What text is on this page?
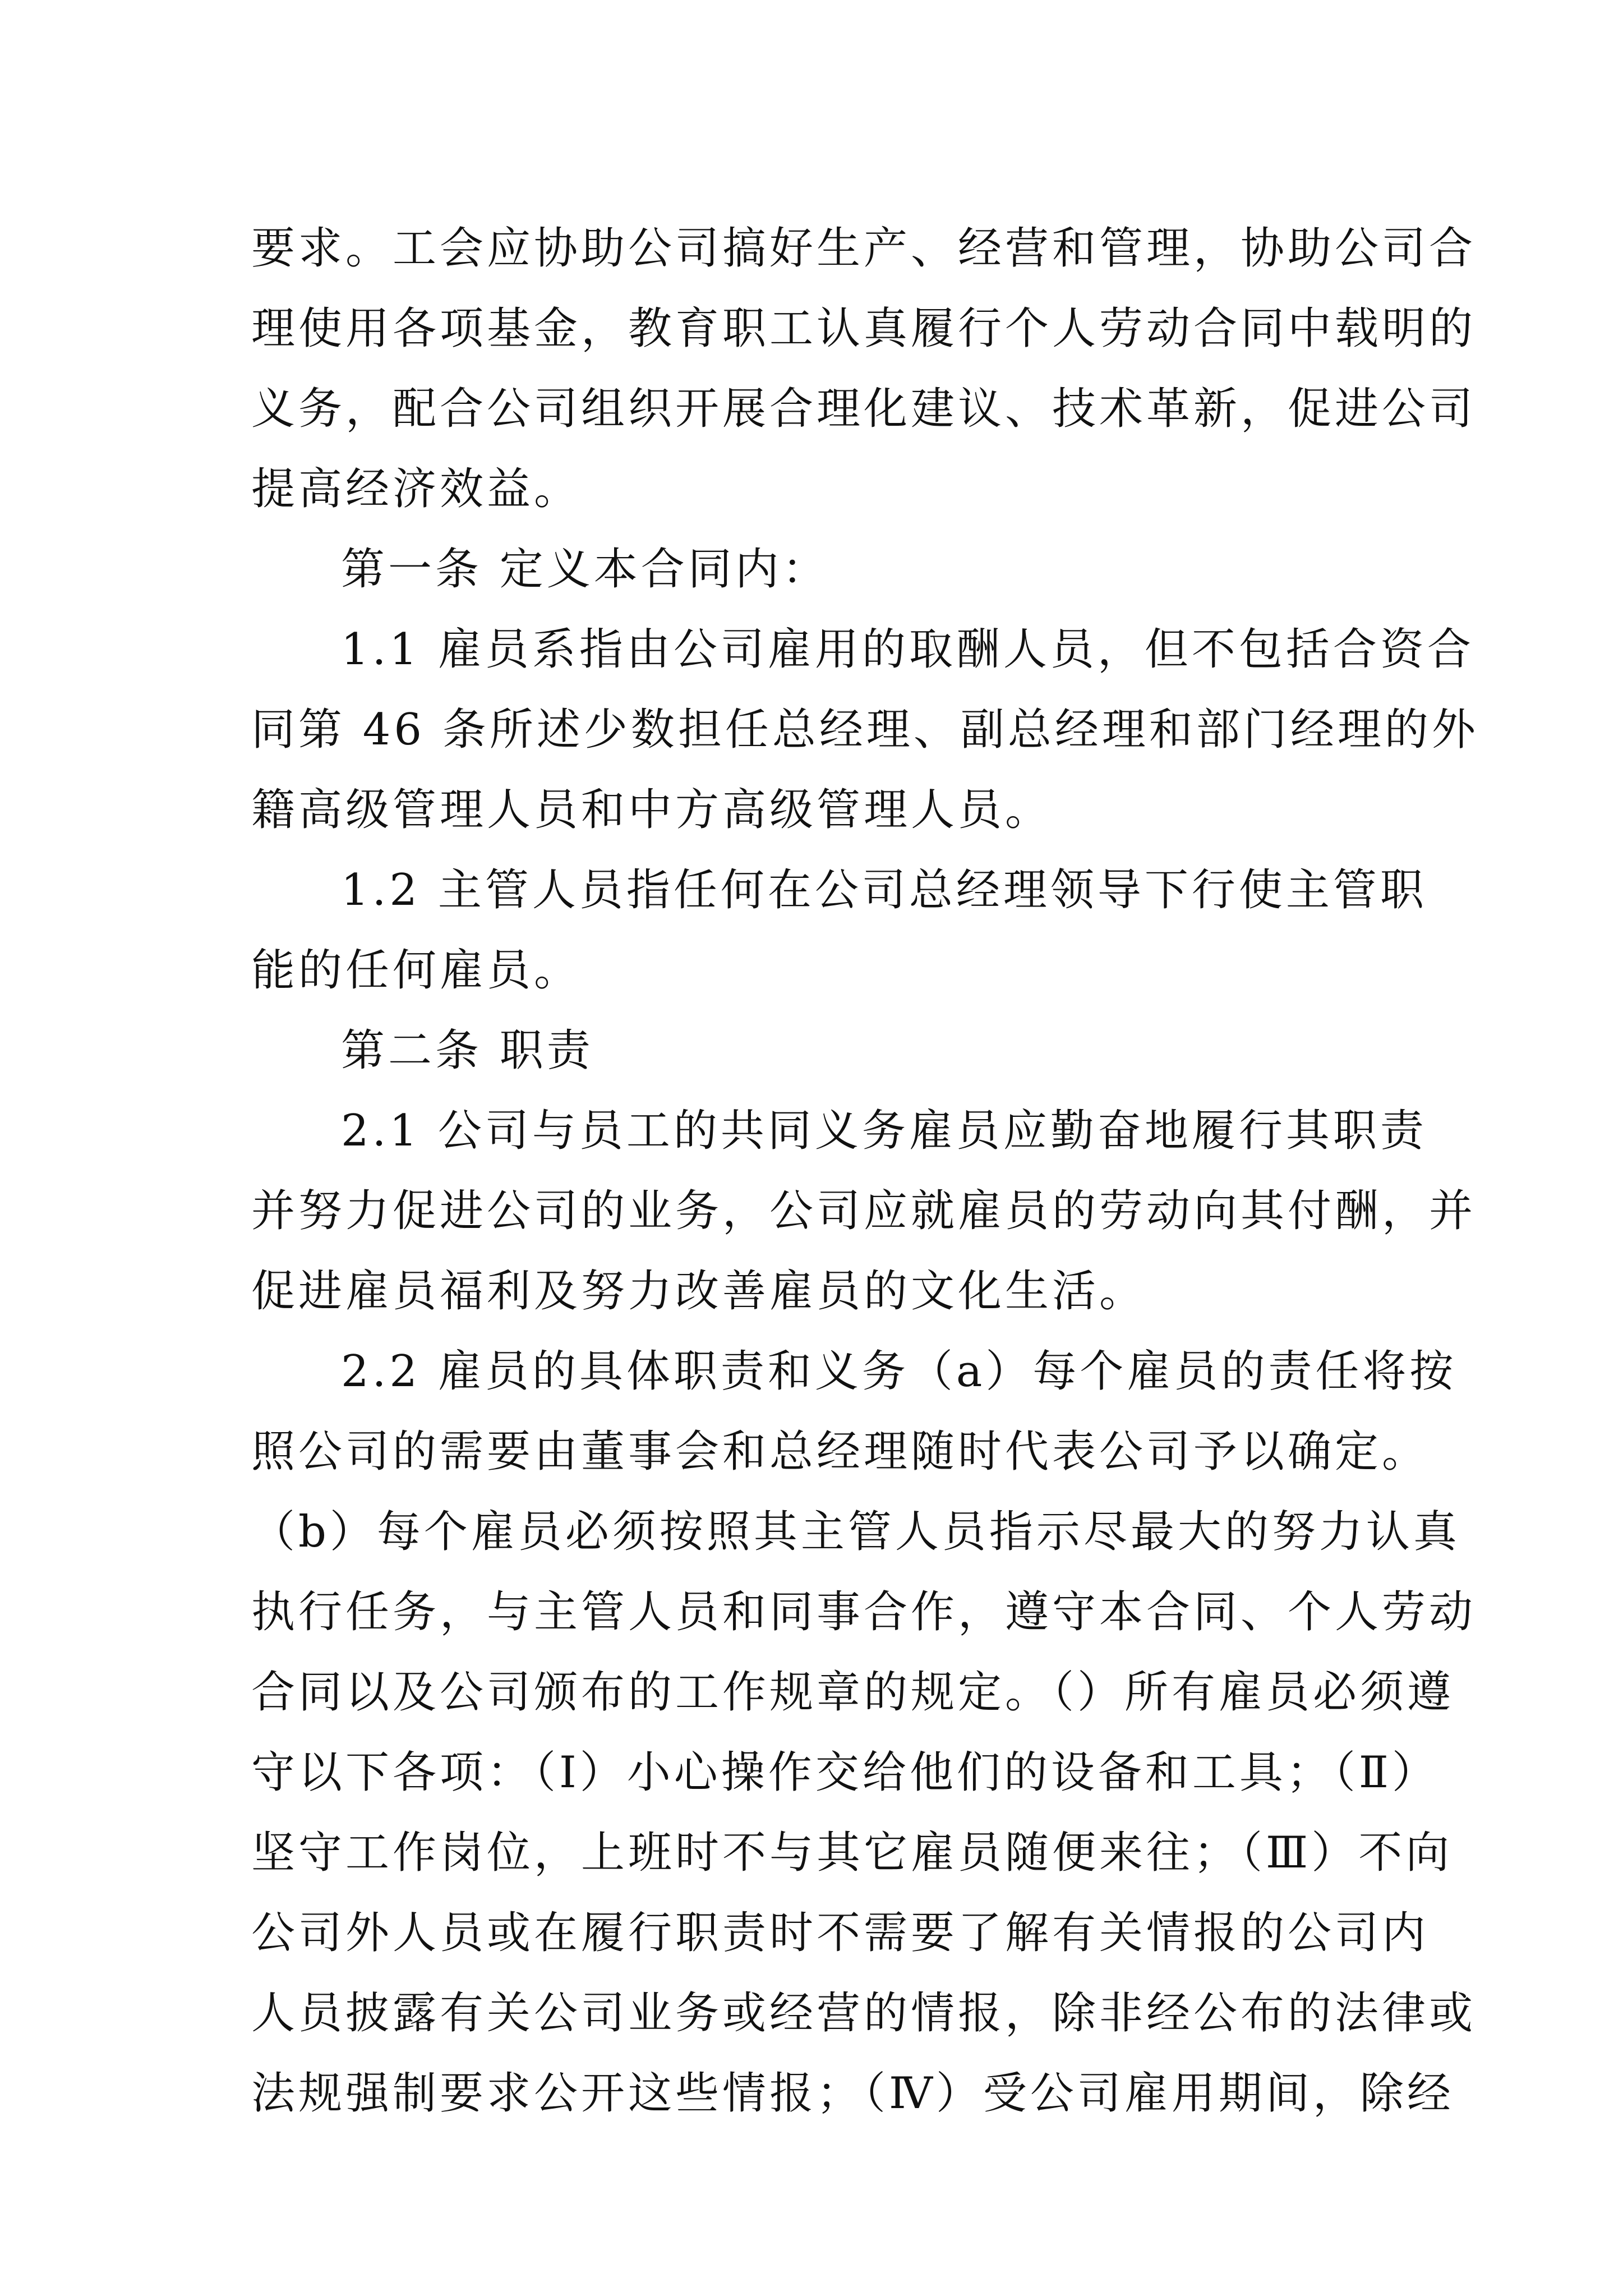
要求。工会应协助公司搞好生产、经营和管理，协助公司合
理使用各项基金，教育职工认真履行个人劳动合同中载明的
义务，配合公司组织开展合理化建议、技术革新，促进公司
提高经济效益。
第一条 定义本合同内：
1.1 雇员系指由公司雇用的取酬人员，但不包括合资合
同第 46 条所述少数担任总经理、副总经理和部门经理的外
籍高级管理人员和中方高级管理人员。
1.2 主管人员指任何在公司总经理领导下行使主管职
能的任何雇员。
第二条 职责
2.1 公司与员工的共同义务雇员应勤奋地履行其职责
并努力促进公司的业务，公司应就雇员的劳动向其付酬，并
促进雇员福利及努力改善雇员的文化生活。
2.2 雇员的具体职责和义务（a）每个雇员的责任将按
照公司的需要由董事会和总经理随时代表公司予以确定。
（b）每个雇员必须按照其主管人员指示尽最大的努力认真
执行任务，与主管人员和同事合作，遵守本合同、个人劳动
合同以及公司颁布的工作规章的规定。（）所有雇员必须遵
守以下各项：（Ⅰ）小心操作交给他们的设备和工具；（Ⅱ）
坚守工作岗位，上班时不与其它雇员随便来往；（Ⅲ）不向
公司外人员或在履行职责时不需要了解有关情报的公司内
人员披露有关公司业务或经营的情报，除非经公布的法律或
法规强制要求公开这些情报；（Ⅳ）受公司雇用期间，除经
